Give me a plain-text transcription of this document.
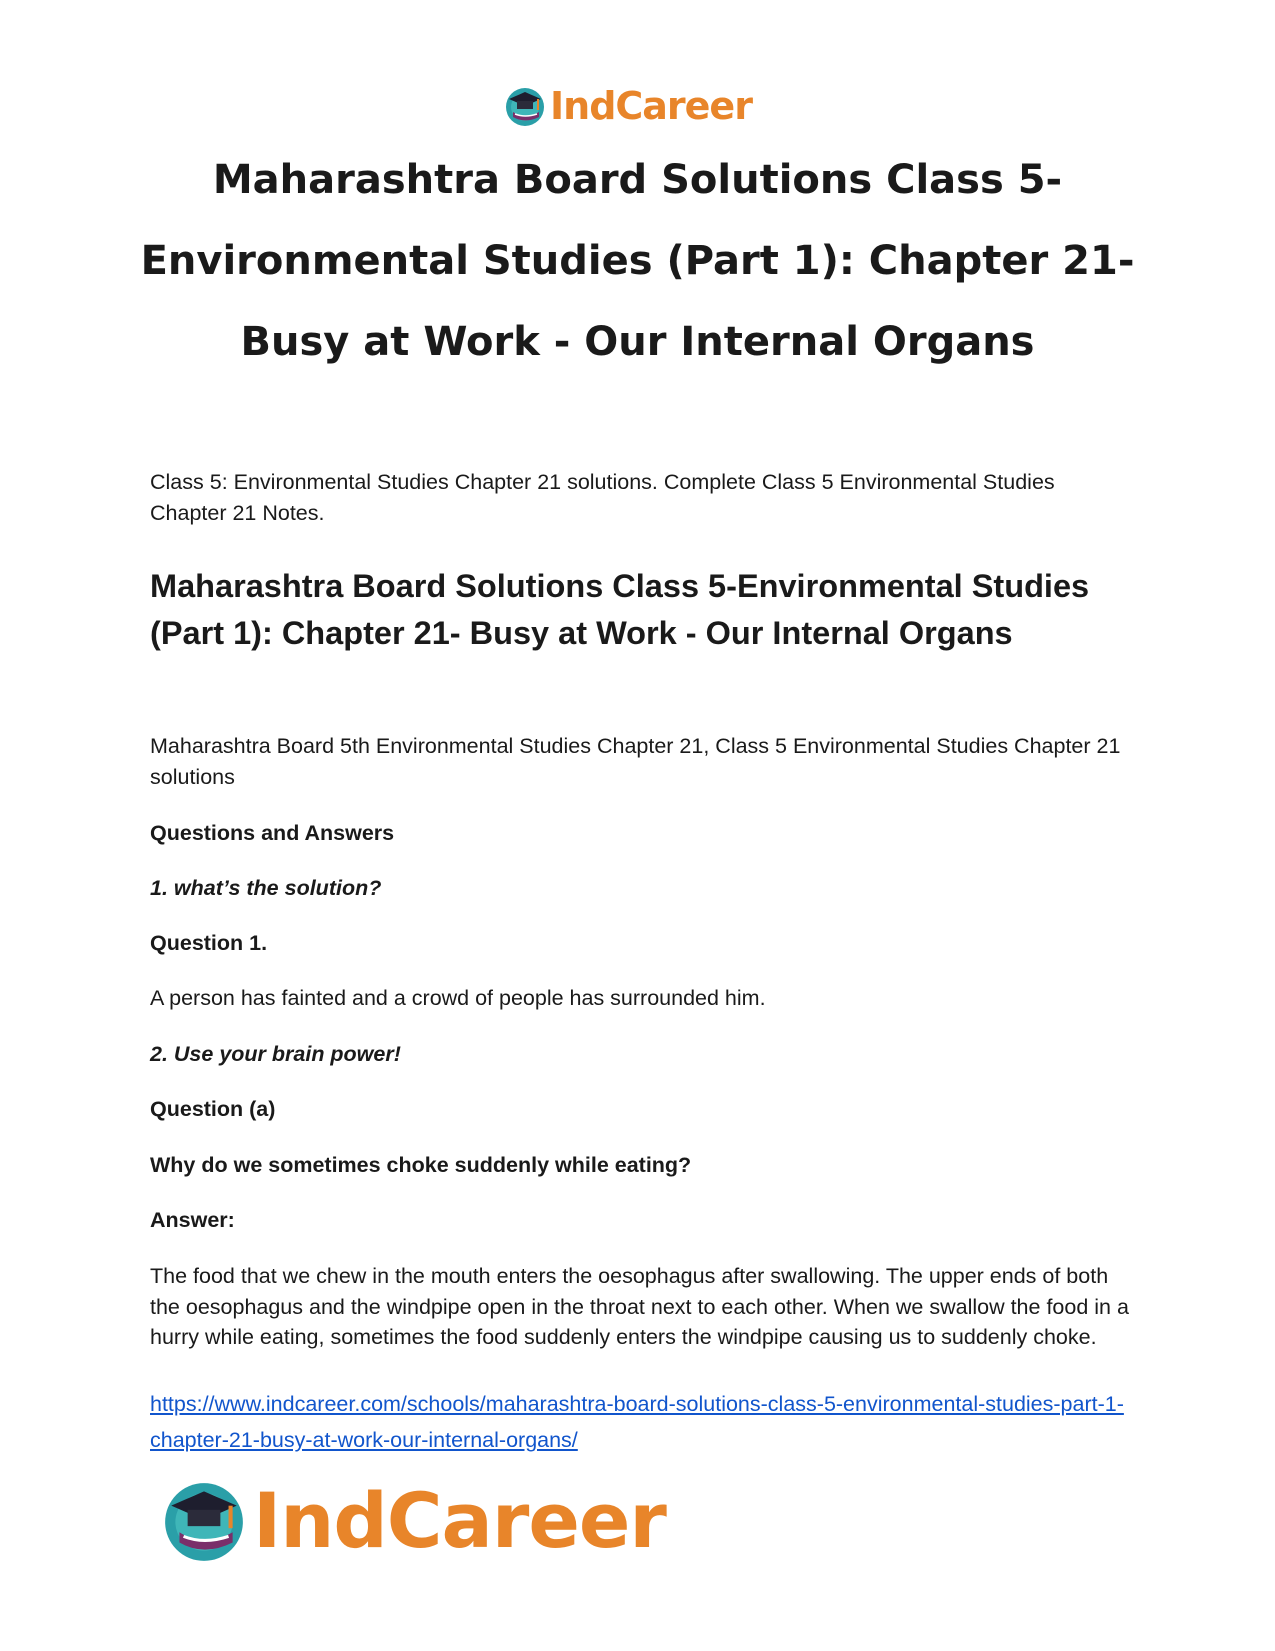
IndCareer
Maharashtra Board Solutions Class 5-Environmental Studies (Part 1): Chapter 21- Busy at Work - Our Internal Organs

Class 5: Environmental Studies Chapter 21 solutions. Complete Class 5 Environmental Studies Chapter 21 Notes.

Maharashtra Board Solutions Class 5-Environmental Studies (Part 1): Chapter 21- Busy at Work - Our Internal Organs

Maharashtra Board 5th Environmental Studies Chapter 21, Class 5 Environmental Studies Chapter 21 solutions

Questions and Answers

1. what’s the solution?

Question 1.

A person has fainted and a crowd of people has surrounded him.

2. Use your brain power!

Question (a)

Why do we sometimes choke suddenly while eating?

Answer:

The food that we chew in the mouth enters the oesophagus after swallowing. The upper ends of both the oesophagus and the windpipe open in the throat next to each other. When we swallow the food in a hurry while eating, sometimes the food suddenly enters the windpipe causing us to suddenly choke.

https://www.indcareer.com/schools/maharashtra-board-solutions-class-5-environmental-studies-part-1-chapter-21-busy-at-work-our-internal-organs/
IndCareer
